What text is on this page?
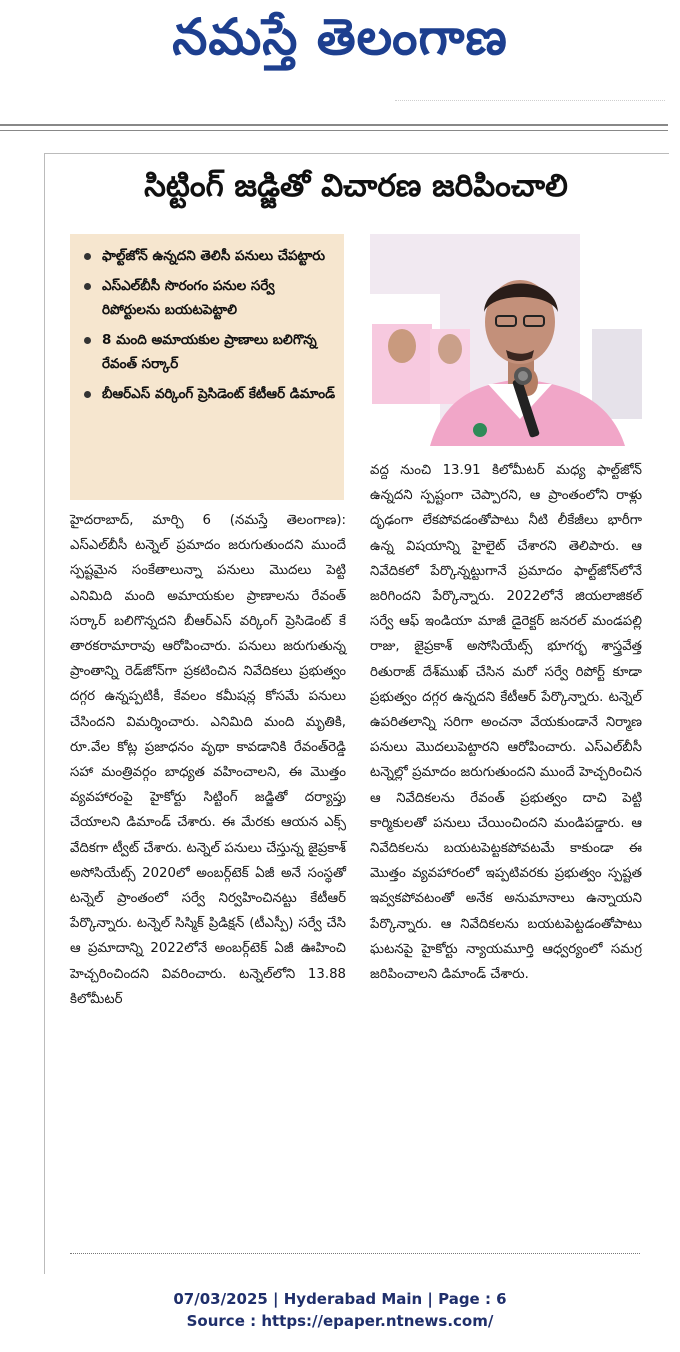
నమస్తే తెలంగాణ
సిట్టింగ్ జడ్జితో విచారణ జరిపించాలి
ఫాల్ట్‌జోన్ ఉన్నదని తెలిసీ పనులు చేపట్టారు
ఎస్‌ఎల్‌బీసీ సొరంగం పనుల సర్వే రిపోర్టులను బయటపెట్టాలి
8 మంది అమాయకుల ప్రాణాలు బలిగొన్న రేవంత్ సర్కార్
బీఆర్‌ఎస్ వర్కింగ్ ప్రెసిడెంట్ కేటీఆర్ డిమాండ్

హైదరాబాద్, మార్చి 6 (నమస్తే తెలంగాణ): ఎస్‌ఎల్‌బీసీ టన్నెల్ ప్రమాదం జరుగుతుందని ముందే స్పష్టమైన సంకేతాలున్నా పనులు మొదలు పెట్టి ఎనిమిది మంది అమాయకుల ప్రాణాలను రేవంత్ సర్కార్ బలిగొన్నదని బీఆర్‌ఎస్ వర్కింగ్ ప్రెసిడెంట్ కే తారకరామారావు ఆరోపించారు. పనులు జరుగుతున్న ప్రాంతాన్ని రెడ్‌జోన్‌గా ప్రకటించిన నివేదికలు ప్రభుత్వం దగ్గర ఉన్నప్పటికీ, కేవలం కమీషన్ల కోసమే పనులు చేసిందని విమర్శించారు. ఎనిమిది మంది మృతికి, రూ.వేల కోట్ల ప్రజాధనం వృథా కావడానికి రేవంత్‌రెడ్డి సహా మంత్రివర్గం బాధ్యత వహించాలని, ఈ మొత్తం వ్యవహారంపై హైకోర్టు సిట్టింగ్ జడ్జితో దర్యాప్తు చేయాలని డిమాండ్ చేశారు. ఈ మేరకు ఆయన ఎక్స్ వేదికగా ట్వీట్ చేశారు. టన్నెల్ పనులు చేస్తున్న జైప్రకాశ్ అసోసియేట్స్ 2020లో అంబర్గ్‌టెక్ ఏజీ అనే సంస్థతో టన్నెల్ ప్రాంతంలో సర్వే నిర్వహించినట్టు కేటీఆర్ పేర్కొన్నారు. టన్నెల్ సిస్మిక్ ప్రిడిక్షన్ (టీఎస్పీ) సర్వే చేసి ఆ ప్రమాదాన్ని 2022లోనే అంబర్గ్‌టెక్ ఏజీ ఊహించి హెచ్చరించిందని వివరించారు. టన్నెల్‌లోని 13.88 కిలోమీటర్

వద్ద నుంచి 13.91 కిలోమీటర్ మధ్య ఫాల్ట్‌జోన్ ఉన్నదని స్పష్టంగా చెప్పారని, ఆ ప్రాంతంలోని రాళ్లు దృఢంగా లేకపోవడంతోపాటు నీటి లీకేజీలు భారీగా ఉన్న విషయాన్ని హైలైట్ చేశారని తెలిపారు. ఆ నివేదికలో పేర్కొన్నట్టుగానే ప్రమాదం ఫాల్ట్‌జోన్‌లోనే జరిగిందని పేర్కొన్నారు. 2022లోనే జియలాజికల్ సర్వే ఆఫ్ ఇండియా మాజీ డైరెక్టర్ జనరల్ మండపల్లి రాజు, జైప్రకాశ్ అసోసియేట్స్ భూగర్భ శాస్త్రవేత్త రితురాజ్ దేశ్‌ముఖ్ చేసిన మరో సర్వే రిపోర్ట్ కూడా ప్రభుత్వం దగ్గర ఉన్నదని కేటీఆర్ పేర్కొన్నారు. టన్నెల్ ఉపరితలాన్ని సరిగా అంచనా వేయకుండానే నిర్మాణ పనులు మొదలుపెట్టారని ఆరోపించారు. ఎస్‌ఎల్‌బీసీ టన్నెల్లో ప్రమాదం జరుగుతుందని ముందే హెచ్చరించిన ఆ నివేదికలను రేవంత్ ప్రభుత్వం దాచి పెట్టి కార్మికులతో పనులు చేయించిందని మండిపడ్డారు. ఆ నివేదికలను బయటపెట్టకపోవటమే కాకుండా ఈ మొత్తం వ్యవహారంలో ఇప్పటివరకు ప్రభుత్వం స్పష్టత ఇవ్వకపోవటంతో అనేక అనుమానాలు ఉన్నాయని పేర్కొన్నారు. ఆ నివేదికలను బయటపెట్టడంతోపాటు ఘటనపై హైకోర్టు న్యాయమూర్తి ఆధ్వర్యంలో సమగ్ర జరిపించాలని డిమాండ్ చేశారు.

07/03/2025 | Hyderabad Main | Page : 6
Source : https://epaper.ntnews.com/
